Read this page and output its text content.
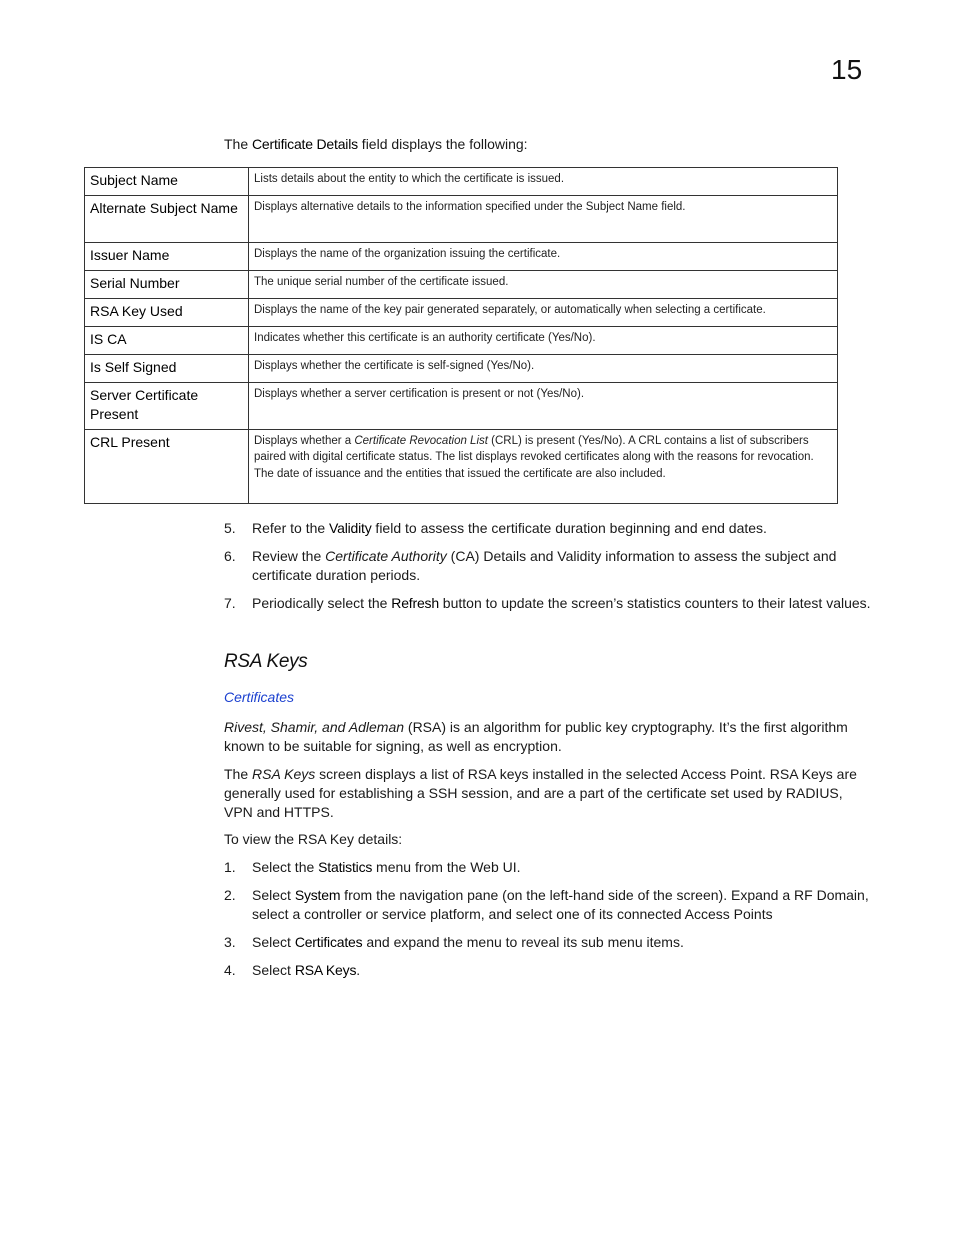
15
The Certificate Details field displays the following:
Subject Name	Lists details about the entity to which the certificate is issued.
Alternate Subject Name	Displays alternative details to the information specified under the Subject Name field.
Issuer Name	Displays the name of the organization issuing the certificate.
Serial Number	The unique serial number of the certificate issued.
RSA Key Used	Displays the name of the key pair generated separately, or automatically when selecting a certificate.
IS CA	Indicates whether this certificate is an authority certificate (Yes/No).
Is Self Signed	Displays whether the certificate is self-signed (Yes/No).
Server Certificate Present	Displays whether a server certification is present or not (Yes/No).
CRL Present	Displays whether a Certificate Revocation List (CRL) is present (Yes/No). A CRL contains a list of subscribers paired with digital certificate status. The list displays revoked certificates along with the reasons for revocation. The date of issuance and the entities that issued the certificate are also included.
5. Refer to the Validity field to assess the certificate duration beginning and end dates.
6. Review the Certificate Authority (CA) Details and Validity information to assess the subject and certificate duration periods.
7. Periodically select the Refresh button to update the screen’s statistics counters to their latest values.
RSA Keys
Certificates

Rivest, Shamir, and Adleman (RSA) is an algorithm for public key cryptography. It’s the first algorithm known to be suitable for signing, as well as encryption.

The RSA Keys screen displays a list of RSA keys installed in the selected Access Point. RSA Keys are generally used for establishing a SSH session, and are a part of the certificate set used by RADIUS, VPN and HTTPS.

To view the RSA Key details:

1. Select the Statistics menu from the Web UI.
2. Select System from the navigation pane (on the left-hand side of the screen). Expand a RF Domain, select a controller or service platform, and select one of its connected Access Points
3. Select Certificates and expand the menu to reveal its sub menu items.
4. Select RSA Keys.
